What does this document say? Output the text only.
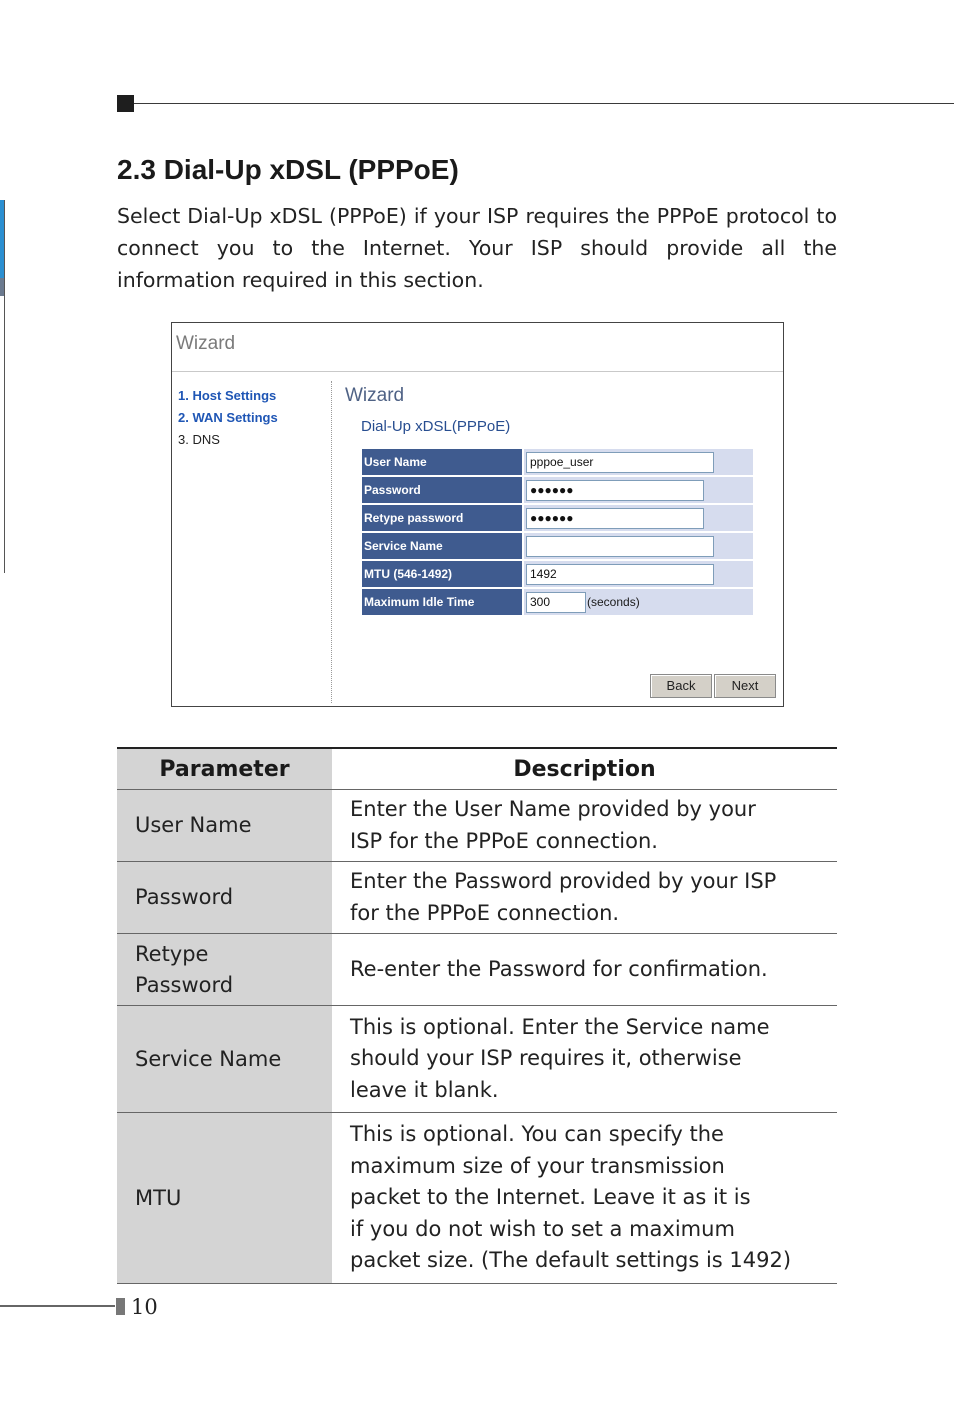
2.3 Dial-Up xDSL (PPPoE)

Select Dial-Up xDSL (PPPoE) if your ISP requires the PPPoE protocol to connect you to the Internet. Your ISP should provide all the information required in this section.

Wizard
1. Host Settings
2. WAN Settings
3. DNS
Wizard
Dial-Up xDSL(PPPoE)
User Name	pppoe_user
Password	●●●●●●
Retype password	●●●●●●
Service Name	
MTU (546-1492)	1492
Maximum Idle Time	300 (seconds)
Back	Next
Parameter	Description
User Name	Enter the User Name provided by your
ISP for the PPPoE connection.

Password	Enter the Password provided by your ISP
for the PPPoE connection.

Retype
Password	Re-enter the Password for confirmation.

Service Name	This is optional. Enter the Service name
should your ISP requires it, otherwise
leave it blank.

MTU	This is optional. You can specify the
maximum size of your transmission
packet to the Internet. Leave it as it is
if you do not wish to set a maximum
packet size. (The default settings is 1492)
10
